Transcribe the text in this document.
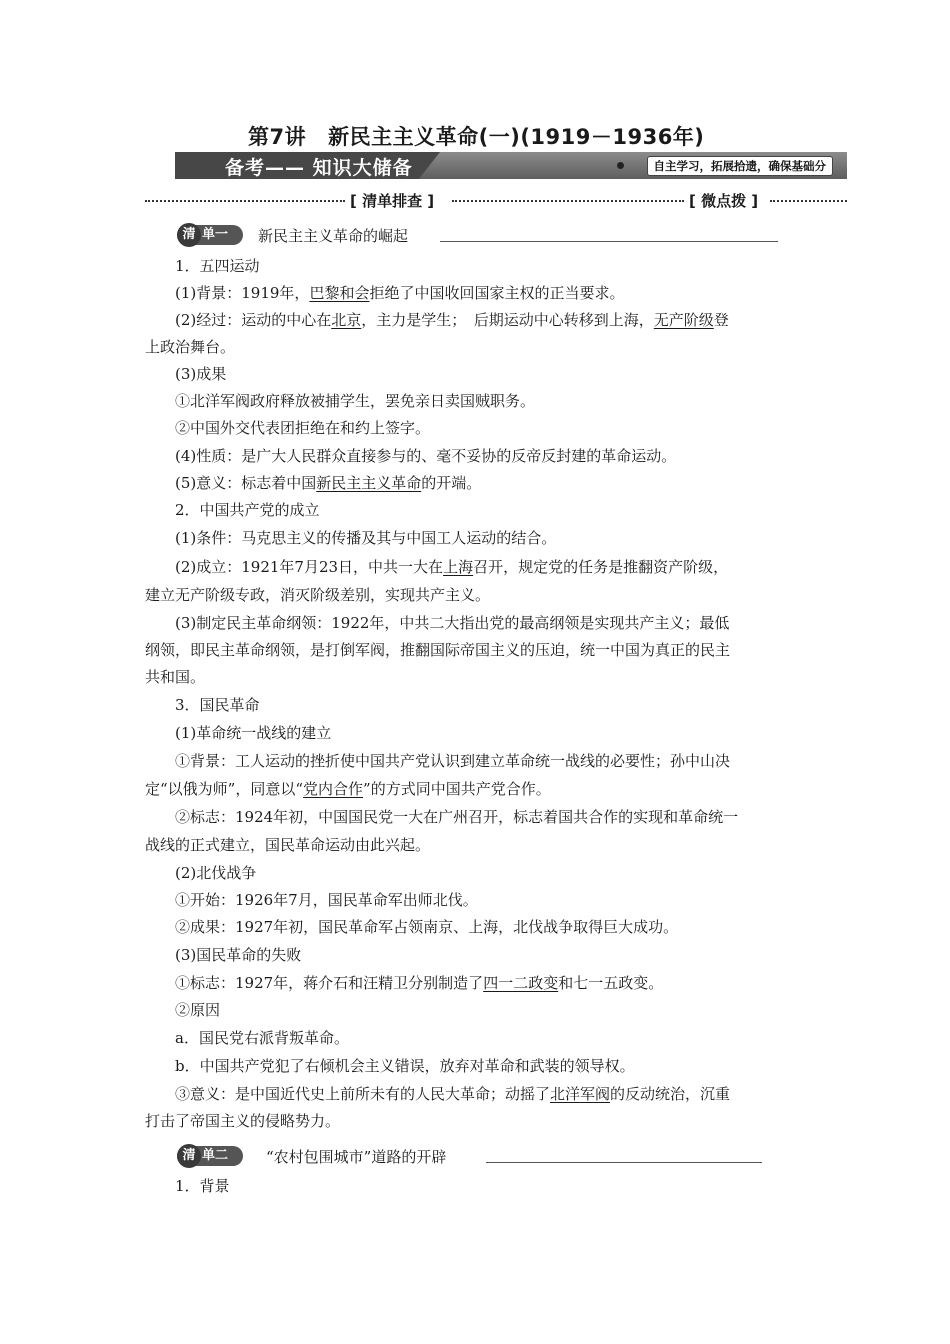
第7讲 新民主主义革命(一)(1919－1936年)
备考—— 知识大储备	自主学习，拓展拾遗，确保基础分
[ 清单排查 ]	[ 微点拨 ]
清 单一 新民主主义革命的崛起
1．五四运动
(1)背景：1919年，巴黎和会拒绝了中国收回国家主权的正当要求。
(2)经过：运动的中心在北京，主力是学生；　后期运动中心转移到上海，无产阶级登
上政治舞台。
(3)成果
①北洋军阀政府释放被捕学生，罢免亲日卖国贼职务。
②中国外交代表团拒绝在和约上签字。
(4)性质：是广大人民群众直接参与的、毫不妥协的反帝反封建的革命运动。
(5)意义：标志着中国新民主主义革命的开端。
2．中国共产党的成立
(1)条件：马克思主义的传播及其与中国工人运动的结合。
(2)成立：1921年7月23日，中共一大在上海召开，规定党的任务是推翻资产阶级，
建立无产阶级专政，消灭阶级差别，实现共产主义。
(3)制定民主革命纲领：1922年，中共二大指出党的最高纲领是实现共产主义；最低
纲领，即民主革命纲领，是打倒军阀，推翻国际帝国主义的压迫，统一中国为真正的民主
共和国。
3．国民革命
(1)革命统一战线的建立
①背景：工人运动的挫折使中国共产党认识到建立革命统一战线的必要性；孙中山决
定“以俄为师”，同意以“党内合作”的方式同中国共产党合作。
②标志：1924年初，中国国民党一大在广州召开，标志着国共合作的实现和革命统一
战线的正式建立，国民革命运动由此兴起。
(2)北伐战争
①开始：1926年7月，国民革命军出师北伐。
②成果：1927年初，国民革命军占领南京、上海，北伐战争取得巨大成功。
(3)国民革命的失败
①标志：1927年，蒋介石和汪精卫分别制造了四一二政变和七一五政变。
②原因
a．国民党右派背叛革命。
b．中国共产党犯了右倾机会主义错误，放弃对革命和武装的领导权。
③意义：是中国近代史上前所未有的人民大革命；动摇了北洋军阀的反动统治，沉重
打击了帝国主义的侵略势力。
清 单二	“农村包围城市”道路的开辟
1．背景
